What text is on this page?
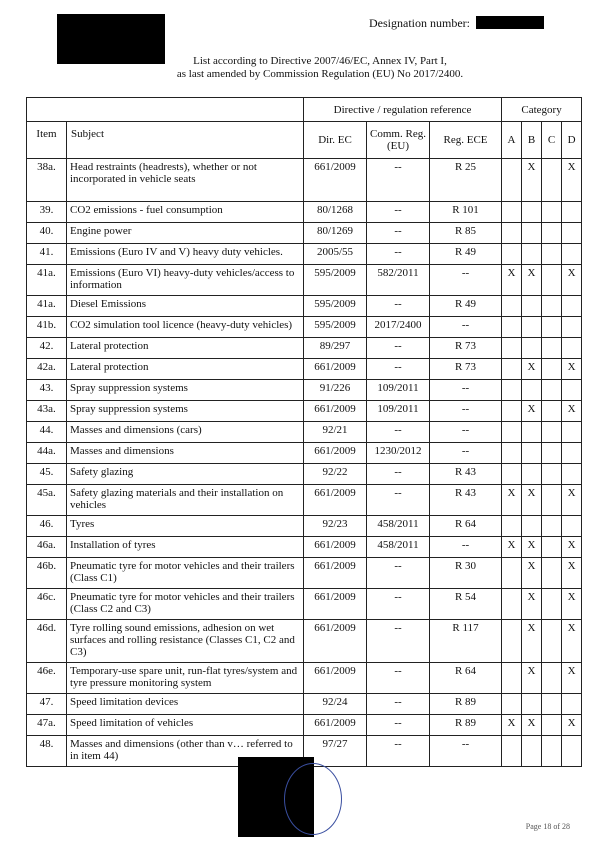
Designation number:
List according to Directive 2007/46/EC, Annex IV, Part I,
as last amended by Commission Regulation (EU) No 2017/2400.
		Directive / regulation reference			Category			
Item	Subject	Dir. EC	Comm. Reg. (EU)	Reg. ECE	A	B	C	D
38a.	Head restraints (headrests), whether or not incorporated in vehicle seats	661/2009	--	R 25		X		X
39.	CO2 emissions - fuel consumption	80/1268	--	R 101				
40.	Engine power	80/1269	--	R 85				
41.	Emissions (Euro IV and V) heavy duty vehicles.	2005/55	--	R 49				
41a.	Emissions (Euro VI) heavy-duty vehicles/access to information	595/2009	582/2011	--	X	X		X
41a.	Diesel Emissions	595/2009	--	R 49				
41b.	CO2 simulation tool licence (heavy-duty vehicles)	595/2009	2017/2400	--				
42.	Lateral protection	89/297	--	R 73				
42a.	Lateral protection	661/2009	--	R 73		X		X
43.	Spray suppression systems	91/226	109/2011	--				
43a.	Spray suppression systems	661/2009	109/2011	--		X		X
44.	Masses and dimensions (cars)	92/21	--	--				
44a.	Masses and dimensions	661/2009	1230/2012	--				
45.	Safety glazing	92/22	--	R 43				
45a.	Safety glazing materials and their installation on vehicles	661/2009	--	R 43	X	X		X
46.	Tyres	92/23	458/2011	R 64				
46a.	Installation of tyres	661/2009	458/2011	--	X	X		X
46b.	Pneumatic tyre for motor vehicles and their trailers (Class C1)	661/2009	--	R 30		X		X
46c.	Pneumatic tyre for motor vehicles and their trailers (Class C2 and C3)	661/2009	--	R 54		X		X
46d.	Tyre rolling sound emissions, adhesion on wet surfaces and rolling resistance (Classes C1, C2 and C3)	661/2009	--	R 117		X		X
46e.	Temporary-use spare unit, run-flat tyres/system and tyre pressure monitoring system	661/2009	--	R 64		X		X
47.	Speed limitation devices	92/24	--	R 89				
47a.	Speed limitation of vehicles	661/2009	--	R 89	X	X		X
48.	Masses and dimensions (other than v… referred to in item 44)	97/27	--	--				
Page 18 of 28
